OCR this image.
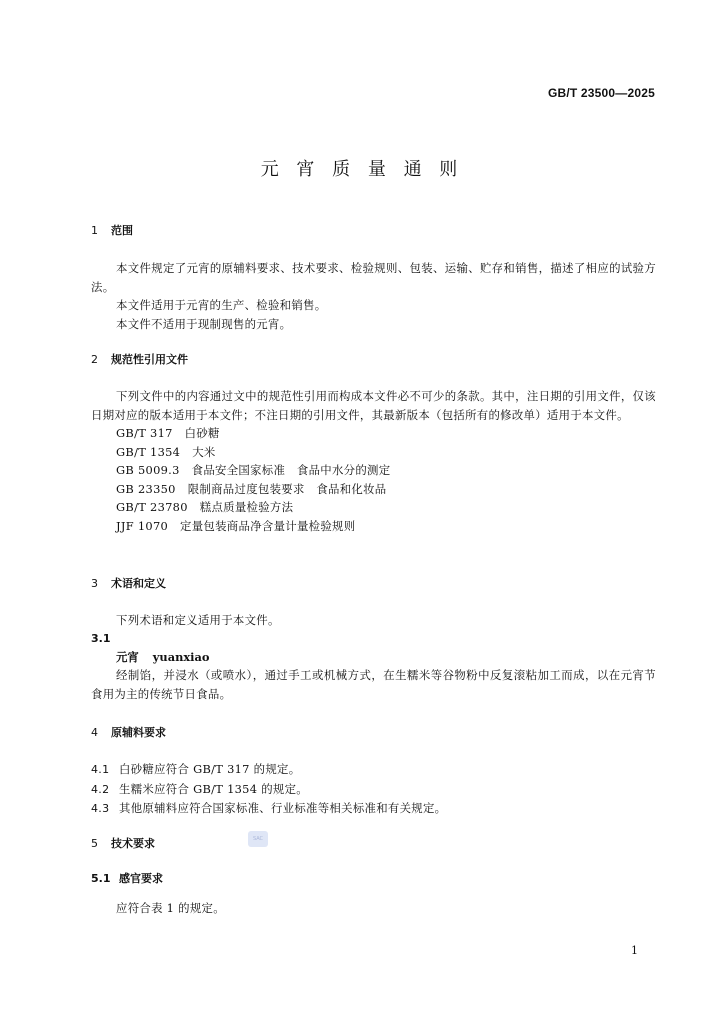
GB/T 23500—2025
元 宵 质 量 通 则
1 范围
本文件规定了元宵的原辅料要求、技术要求、检验规则、包装、运输、贮存和销售，描述了相应的试验方法。
本文件适用于元宵的生产、检验和销售。
本文件不适用于现制现售的元宵。
2 规范性引用文件
下列文件中的内容通过文中的规范性引用而构成本文件必不可少的条款。其中，注日期的引用文件，仅该日期对应的版本适用于本文件；不注日期的引用文件，其最新版本（包括所有的修改单）适用于本文件。
GB/T 317 白砂糖
GB/T 1354 大米
GB 5009.3 食品安全国家标准　食品中水分的测定
GB 23350 限制商品过度包装要求　食品和化妆品
GB/T 23780 糕点质量检验方法
JJF 1070 定量包装商品净含量计量检验规则
3 术语和定义
下列术语和定义适用于本文件。
3.1
元宵 yuanxiao
经制馅，并浸水（或喷水），通过手工或机械方式，在生糯米等谷物粉中反复滚粘加工而成，以在元宵节食用为主的传统节日食品。
4 原辅料要求
4.1 白砂糖应符合 GB/T 317 的规定。
4.2 生糯米应符合 GB/T 1354 的规定。
4.3 其他原辅料应符合国家标准、行业标准等相关标准和有关规定。
5 技术要求	SAC
5.1 感官要求
应符合表 1 的规定。
1
